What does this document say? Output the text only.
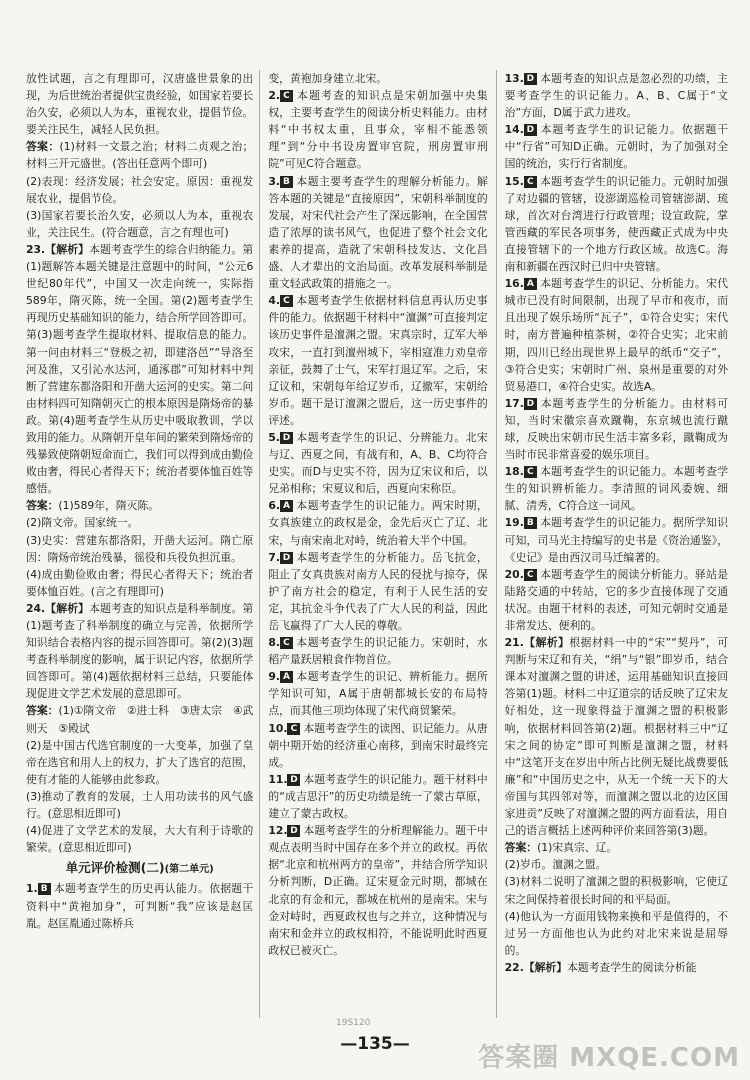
放性试题，言之有理即可，汉唐盛世景象的出现，为后世统治者提供宝贵经验，如国家若要长治久安，必须以人为本，重视农业，提倡节俭。要关注民生，减轻人民负担。

答案：(1)材料一文景之治；材料二贞观之治；材料三开元盛世。(答出任意两个即可)

(2)表现：经济发展；社会安定。原因：重视发展农业，提倡节俭。

(3)国家若要长治久安，必须以人为本，重视农业，关注民生。(符合题意，言之有理也可)

23.【解析】本题考查学生的综合归纳能力。第(1)题解答本题关键是注意题中的时间，“公元6世纪80年代”，中国又一次走向统一，实际指589年，隋灭陈，统一全国。第(2)题考查学生再现历史基础知识的能力，结合所学回答即可。第(3)题考查学生提取材料、提取信息的能力。第一问由材料三“登极之初，即建洛邑”“导洛至河及淮，又引沁水达河，通涿郡”可知材料中判断了营建东都洛阳和开凿大运河的史实。第二问由材料四可知隋朝灭亡的根本原因是隋炀帝的暴政。第(4)题考查学生从历史中吸取教训，学以致用的能力。从隋朝开皇年间的繁荣到隋炀帝的残暴致使隋朝短命而亡，我们可以得到成由勤俭败由奢，得民心者得天下；统治者要体恤百姓等感悟。

答案：(1)589年，隋灭陈。

(2)隋文帝。国家统一。

(3)史实：营建东都洛阳，开凿大运河。隋亡原因：隋炀帝统治残暴，徭役和兵役负担沉重。

(4)成由勤俭败由奢；得民心者得天下；统治者要体恤百姓。(言之有理即可)

24.【解析】本题考查的知识点是科举制度。第(1)题考查了科举制度的确立与完善，依据所学知识结合表格内容的提示回答即可。第(2)(3)题考查科举制度的影响，属于识记内容，依据所学回答即可。第(4)题依据材料三总结，只要能体现促进文学艺术发展的意思即可。

答案：(1)①隋文帝　②进士科　③唐太宗　④武则天　⑤殿试

(2)是中国古代选官制度的一大变革，加强了皇帝在选官和用人上的权力，扩大了选官的范围，使有才能的人能够由此参政。

(3)推动了教育的发展，士人用功读书的风气盛行。(意思相近即可)

(4)促进了文学艺术的发展，大大有利于诗歌的繁荣。(意思相近即可)

单元评价检测(二)(第二单元)

1. B 本题考查学生的历史再认能力。依据题干资料中“黄袍加身”，可判断“我”应该是赵匡胤。赵匡胤通过陈桥兵

变，黄袍加身建立北宋。

2. C 本题考查的知识点是宋朝加强中央集权，主要考查学生的阅读分析史料能力。由材料“中书权太重，且事众，宰相不能悉领理”到“分中书设房置审官院，刑房置审刑院”可见C符合题意。

3. B 本题主要考查学生的理解分析能力。解答本题的关键是“直接原因”，宋朝科举制度的发展，对宋代社会产生了深远影响，在全国营造了浓厚的读书风气，也促进了整个社会文化素养的提高，造就了宋朝科技发达、文化昌盛、人才辈出的文治局面。改革发展科举制是重文轻武政策的措施之一。

4. C 本题考查学生依据材料信息再认历史事件的能力。依据题干材料中“澶渊”可直接判定该历史事件是澶渊之盟。宋真宗时，辽军大举攻宋，一直打到澶州城下，宰相寇准力劝皇帝亲征，鼓舞了士气，宋军打退辽军。之后，宋辽议和，宋朝每年给辽岁币，辽撤军，宋朝给岁币。题干是订澶渊之盟后，这一历史事件的评述。

5. D 本题考查学生的识记、分辨能力。北宋与辽、西夏之间，有战有和，A、B、C均符合史实。而D与史实不符，因为辽宋议和后，以兄弟相称；宋夏议和后，西夏向宋称臣。

6. A 本题考查学生的识记能力。两宋时期，女真族建立的政权是金，金先后灭亡了辽、北宋，与南宋南北对峙，统治着大半个中国。

7. D 本题考查学生的分析能力。岳飞抗金，阻止了女真贵族对南方人民的侵扰与掠夺，保护了南方社会的稳定，有利于人民生活的安定，其抗金斗争代表了广大人民的利益，因此岳飞赢得了广大人民的尊敬。

8. C 本题考查学生的识记能力。宋朝时，水稻产量跃居粮食作物首位。

9. A 本题考查学生的识记、辨析能力。据所学知识可知，A属于唐朝都城长安的布局特点，而其他三项均体现了宋代商贸繁荣。

10. C 本题考查学生的读图、识记能力。从唐朝中期开始的经济重心南移，到南宋时最终完成。

11. D 本题考查学生的识记能力。题干材料中的“成吉思汗”的历史功绩是统一了蒙古草原，建立了蒙古政权。

12. D 本题考查学生的分析理解能力。题干中观点表明当时中国存在多个并立的政权。再依据“北京和杭州两方的皇帝”，并结合所学知识分析判断，D正确。辽宋夏金元时期，都城在北京的有金和元，都城在杭州的是南宋。宋与金对峙时，西夏政权也与之并立，这种情况与南宋和金并立的政权相符，不能说明此时西夏政权已被灭亡。

13. D 本题考查的知识点是忽必烈的功绩，主要考查学生的识记能力。A、B、C属于“文治”方面，D属于武力进攻。

14. D 本题考查学生的识记能力。依据题干中“行省”可知D正确。元朝时，为了加强对全国的统治，实行行省制度。

15. C 本题考查学生的识记能力。元朝时加强了对边疆的管辖，设澎湖巡检司管辖澎湖、琉球，首次对台湾进行行政管理；设宣政院，掌管西藏的军民各项事务，使西藏正式成为中央直接管辖下的一个地方行政区域。故选C。海南和新疆在西汉时已归中央管辖。

16. A 本题考查学生的识记、分析能力。宋代城市已没有时间限制，出现了早市和夜市，而且出现了娱乐场所“瓦子”，①符合史实；宋代时，南方普遍种植茶树，②符合史实；北宋前期，四川已经出现世界上最早的纸币“交子”，③符合史实；宋朝时广州、泉州是重要的对外贸易港口，④符合史实。故选A。

17. D 本题考查学生的分析能力。由材料可知，当时宋徽宗喜欢蹴鞠，东京城也流行蹴球，反映出宋朝市民生活丰富多彩，蹴鞠成为当时市民非常喜爱的娱乐项目。

18. C 本题考查学生的识记能力。本题考查学生的知识辨析能力。李清照的词风委婉、细腻、清秀，C符合这一词风。

19. B 本题考查学生的识记能力。据所学知识可知，司马光主持编写的史书是《资治通鉴》，《史记》是由西汉司马迁编著的。

20. C 本题考查学生的阅读分析能力。驿站是陆路交通的中转站，它的多少直接体现了交通状况。由题干材料的表述，可知元朝时交通是非常发达、便利的。

21.【解析】根据材料一中的“宋”“契丹”，可判断与宋辽和有关，“绢”与“银”即岁币，结合课本对澶渊之盟的讲述，运用基础知识直接回答第(1)题。材料二中辽道宗的话反映了辽宋友好相处，这一现象得益于澶渊之盟的积极影响，依据材料回答第(2)题。根据材料三中“辽宋之间的协定”即可判断是澶渊之盟，材料中“这笔开支在岁出中所占比例无疑比战费要低廉”和“中国历史之中，从无一个统一天下的大帝国与其四邻对等，而澶渊之盟以北的边区国家进贡”反映了对澶渊之盟的两方面看法，用自己的语言概括上述两种评价来回答第(3)题。

答案：(1)宋真宗、辽。

(2)岁币。澶渊之盟。

(3)材料二说明了澶渊之盟的积极影响，它使辽宋之间保持着很长时间的和平局面。

(4)他认为一方面用钱物来换和平是值得的，不过另一方面他也认为此约对北宋来说是屈辱的。

22.【解析】本题考查学生的阅读分析能

19S120
—135—	答案圈 MXQE.COM
